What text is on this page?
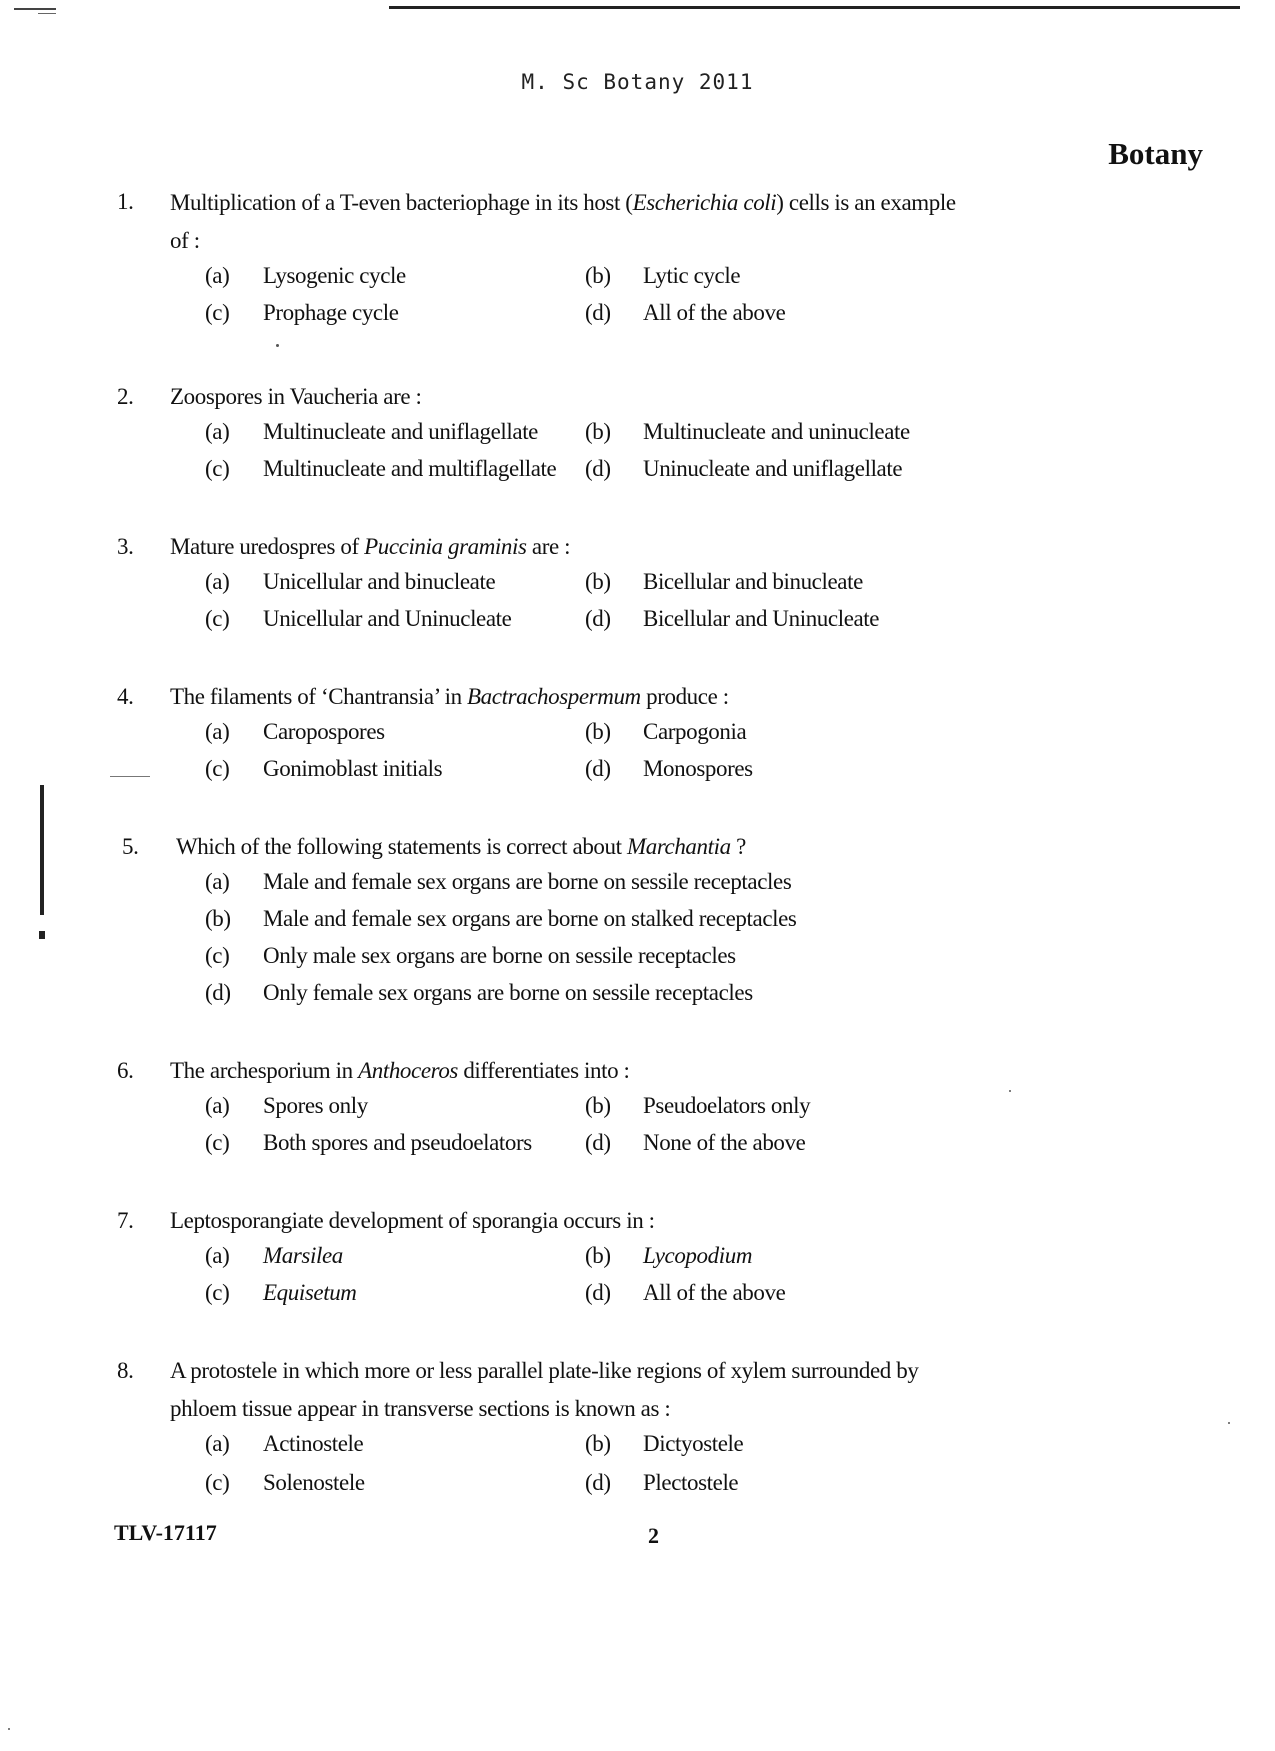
M. Sc Botany 2011
Botany
1. Multiplication of a T-even bacteriophage in its host (Escherichia coli) cells is an example of :
(a) Lysogenic cycle	(b) Lytic cycle
(c) Prophage cycle	(d) All of the above
2. Zoospores in Vaucheria are :
(a) Multinucleate and uniflagellate (b) Multinucleate and uninucleate
(c) Multinucleate and multiflagellate (d) Uninucleate and uniflagellate
3. Mature uredospres of Puccinia graminis are :
(a) Unicellular and binucleate	(b) Bicellular and binucleate
(c) Unicellular and Uninucleate	(d) Bicellular and Uninucleate
4. The filaments of ‘Chantransia’ in Bactrachospermum produce :
(a) Caropospores	(b) Carpogonia
(c) Gonimoblast initials	(d) Monospores
5. Which of the following statements is correct about Marchantia ?
(a) Male and female sex organs are borne on sessile receptacles
(b) Male and female sex organs are borne on stalked receptacles
(c) Only male sex organs are borne on sessile receptacles
(d) Only female sex organs are borne on sessile receptacles
6. The archesporium in Anthoceros differentiates into :
(a) Spores only	(b) Pseudoelators only
(c) Both spores and pseudoelators (d) None of the above
7. Leptosporangiate development of sporangia occurs in :
(a) Marsilea	(b) Lycopodium
(c) Equisetum	(d) All of the above
8. A protostele in which more or less parallel plate-like regions of xylem surrounded by phloem tissue appear in transverse sections is known as :
(a) Actinostele	(b) Dictyostele
(c) Solenostele	(d) Plectostele
TLV-17117	2
